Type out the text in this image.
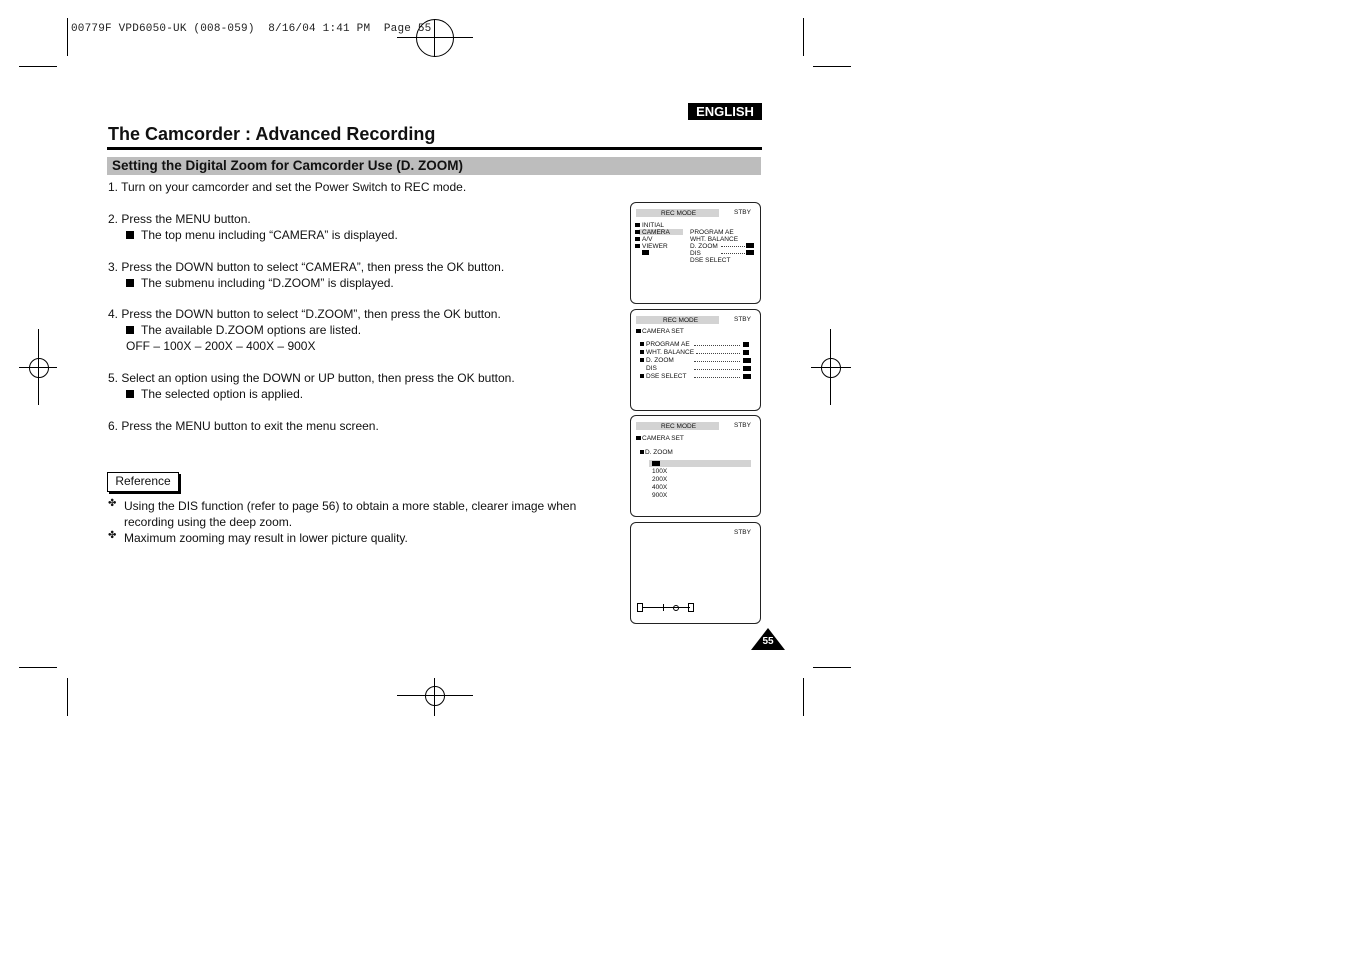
00779F VPD6050-UK (008-059)  8/16/04 1:41 PM  Page 55
ENGLISH
The Camcorder : Advanced Recording
Setting the Digital Zoom for Camcorder Use (D. ZOOM)
1. Turn on your camcorder and set the Power Switch to REC mode.
2. Press the MENU button.
The top menu including “CAMERA” is displayed.
3. Press the DOWN button to select “CAMERA”, then press the OK button.
The submenu including “D.ZOOM” is displayed.
4. Press the DOWN button to select “D.ZOOM”, then press the OK button.
The available D.ZOOM options are listed.
OFF – 100X – 200X – 400X – 900X
5. Select an option using the DOWN or UP button, then press the OK button.
The selected option is applied.
6. Press the MENU button to exit the menu screen.
Reference
✤ Using the DIS function (refer to page 56) to obtain a more stable, clearer image when recording using the deep zoom.
✤ Maximum zooming may result in lower picture quality.
REC MODE	STBY
INITIAL
CAMERA
A/V
VIEWER
PROGRAM AE
WHT. BALANCE
D. ZOOM
DIS
DSE SELECT
REC MODE	STBY
CAMERA SET
PROGRAM AE
WHT. BALANCE
D. ZOOM
DIS
DSE SELECT
REC MODE	STBY
CAMERA SET
D. ZOOM
100X
200X
400X
900X
STBY
55
